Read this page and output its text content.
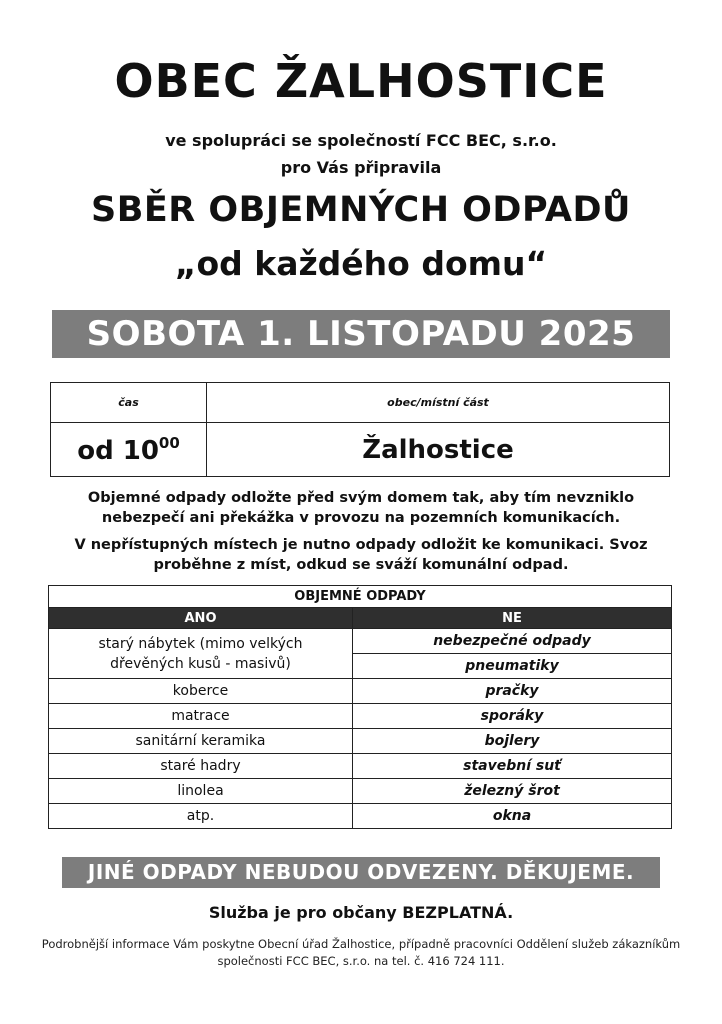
OBEC ŽALHOSTICE
ve spolupráci se společností FCC BEC, s.r.o.
pro Vás připravila
SBĚR OBJEMNÝCH ODPADŮ
„od každého domu“
SOBOTA 1. LISTOPADU 2025
čas	obec/místní část
od $10^{00}$	Žalhostice
Objemné odpady odložte před svým domem tak, aby tím nevzniklo nebezpečí ani překážka v provozu na pozemních komunikacích.
V nepřístupných místech je nutno odpady odložit ke komunikaci. Svoz proběhne z míst, odkud se sváží komunální odpad.
OBJEMNÉ ODPADY	
ANO	NE
starý nábytek (mimo velkých dřevěných kusů - masivů)	nebezpečné odpady
	pneumatiky
koberce	pračky
matrace	sporáky
sanitární keramika	bojlery
staré hadry	stavební suť
linolea	železný šrot
atp.	okna
JINÉ ODPADY NEBUDOU ODVEZENY. DĚKUJEME.
Služba je pro občany BEZPLATNÁ.
Podrobnější informace Vám poskytne Obecní úřad Žalhostice, případně pracovníci Oddělení služeb zákazníkům společnosti FCC BEC, s.r.o. na tel. č. 416 724 111.
